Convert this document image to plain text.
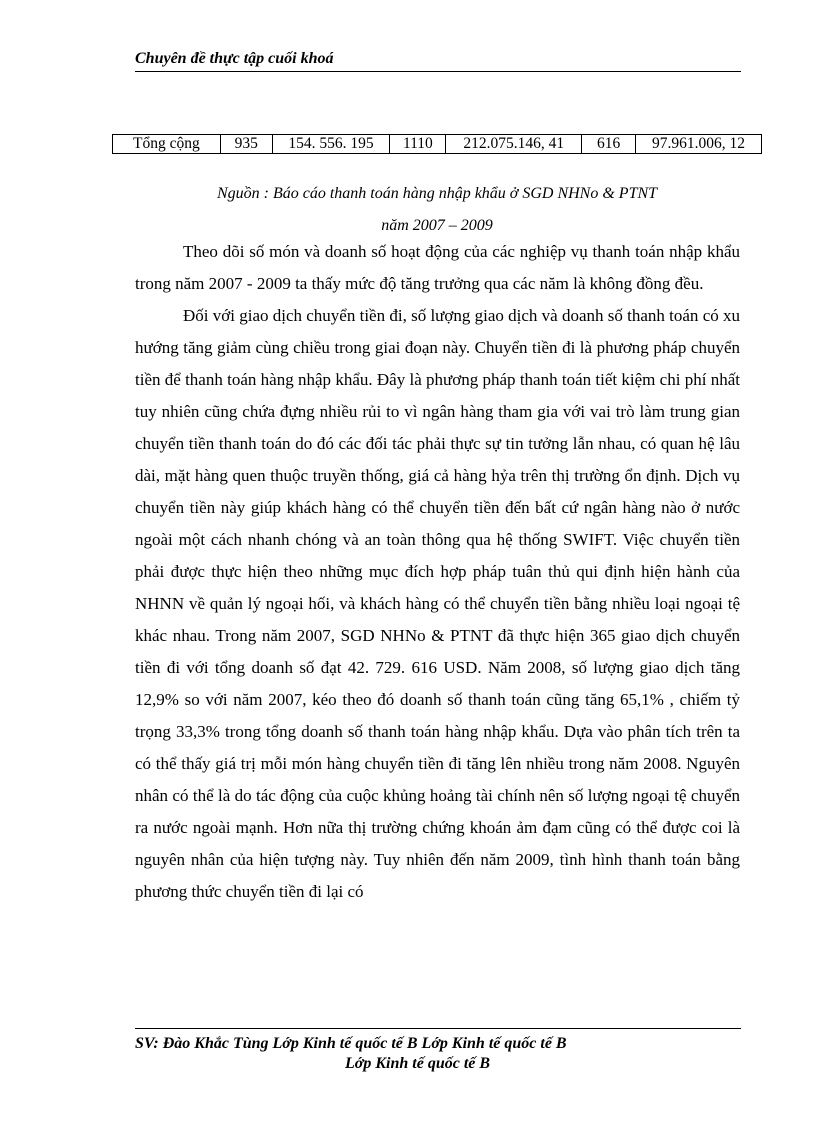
Chuyên đề thực tập cuối khoá
Tổng cộng	935	154. 556. 195	1110	212.075.146, 41	616	97.961.006, 12
Nguồn : Báo cáo thanh toán hàng nhập khẩu ở SGD NHNo & PTNT
năm 2007 – 2009

Theo dõi số món và doanh số hoạt động của các nghiệp vụ thanh toán nhập khẩu trong năm 2007 - 2009 ta thấy mức độ tăng trưởng qua các năm là không đồng đều.

Đối với giao dịch chuyển tiền đi, số lượng giao dịch và doanh số thanh toán có xu hướng tăng giảm cùng chiều trong giai đoạn này. Chuyển tiền đi là phương pháp chuyển tiền để thanh toán hàng nhập khẩu. Đây là phương pháp thanh toán tiết kiệm chi phí nhất tuy nhiên cũng chứa đựng nhiều rủi to vì ngân hàng tham gia với vai trò làm trung gian chuyển tiền thanh toán do đó các đối tác phải thực sự tin tưởng lẫn nhau, có quan hệ lâu dài, mặt hàng quen thuộc truyền thống, giá cả hàng hỷa trên thị trường ổn định. Dịch vụ chuyển tiền này giúp khách hàng có thể chuyển tiền đến bất cứ ngân hàng nào ở nước ngoài một cách nhanh chóng và an toàn thông qua hệ thống SWIFT. Việc chuyển tiền phải được thực hiện theo những mục đích hợp pháp tuân thủ qui định hiện hành của NHNN về quản lý ngoại hối, và khách hàng có thể chuyển tiền bằng nhiều loại ngoại tệ khác nhau. Trong năm 2007, SGD NHNo & PTNT đã thực hiện 365 giao dịch chuyển tiền đi với tổng doanh số đạt 42. 729. 616 USD. Năm 2008, số lượng giao dịch tăng 12,9% so với năm 2007, kéo theo đó doanh số thanh toán cũng tăng 65,1% , chiếm tỷ trọng 33,3% trong tổng doanh số thanh toán hàng nhập khẩu. Dựa vào phân tích trên ta có thể thấy giá trị mỗi món hàng chuyển tiền đi tăng lên nhiều trong năm 2008. Nguyên nhân có thể là do tác động của cuộc khủng hoảng tài chính nên số lượng ngoại tệ chuyển ra nước ngoài mạnh. Hơn nữa thị trường chứng khoán ảm đạm cũng có thể được coi là nguyên nhân của hiện tượng này. Tuy nhiên đến năm 2009, tình hình thanh toán bằng phương thức chuyển tiền đi lại có

SV: Đào Khắc Tùng Lớp Kinh tế quốc tế B Lớp Kinh tế quốc tế B
Lớp Kinh tế quốc tế B
